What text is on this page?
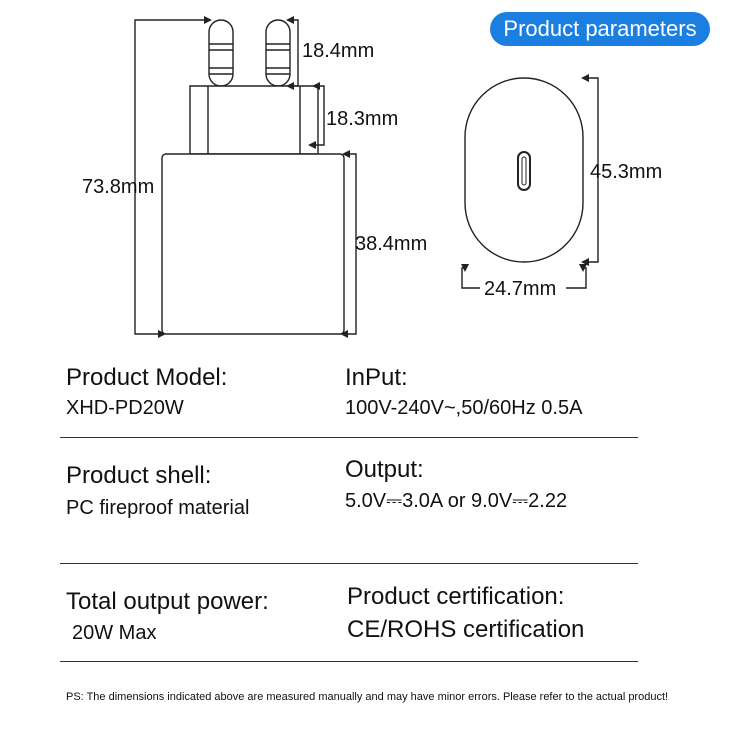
Product parameters
18.4mm
18.3mm
73.8mm
38.4mm
45.3mm
24.7mm
Product Model:
XHD-PD20W
InPut:
100V-240V~,50/60Hz 0.5A
Product shell:
PC fireproof material
Output:
5.0V⎓3.0A or 9.0V⎓2.22
Total output power:
20W Max
Product certification:
CE/ROHS certification
PS: The dimensions indicated above are measured manually and may have minor errors. Please refer to the actual product!
